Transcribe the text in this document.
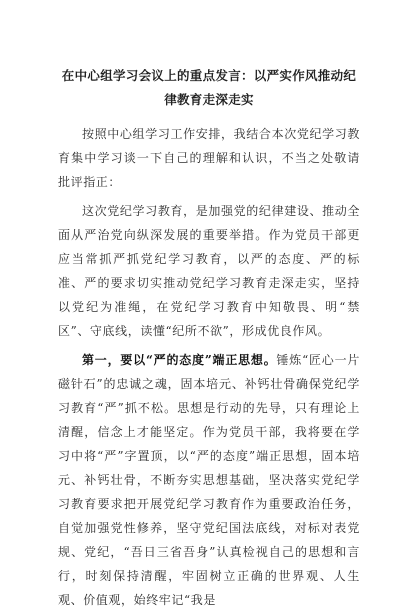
在中心组学习会议上的重点发言：以严实作风推动纪律教育走深走实

按照中心组学习工作安排，我结合本次党纪学习教育集中学习谈一下自己的理解和认识，不当之处敬请批评指正：

这次党纪学习教育，是加强党的纪律建设、推动全面从严治党向纵深发展的重要举措。作为党员干部更应当常抓严抓党纪学习教育，以严的态度、严的标准、严的要求切实推动党纪学习教育走深走实，坚持以党纪为准绳，在党纪学习教育中知敬畏、明“禁区”、守底线，读懂“纪所不欲”，形成优良作风。

第一，要以“严的态度”端正思想。锤炼“匠心一片磁针石”的忠诚之魂，固本培元、补钙壮骨确保党纪学习教育“严”抓不松。思想是行动的先导，只有理论上清醒，信念上才能坚定。作为党员干部，我将要在学习中将“严”字置顶，以“严的态度”端正思想，固本培元、补钙壮骨，不断夯实思想基础，坚决落实党纪学习教育要求把开展党纪学习教育作为重要政治任务，自觉加强党性修养，坚守党纪国法底线，对标对表党规、党纪，“吾日三省吾身”认真检视自己的思想和言行，时刻保持清醒，牢固树立正确的世界观、人生观、价值观，始终牢记“我是
